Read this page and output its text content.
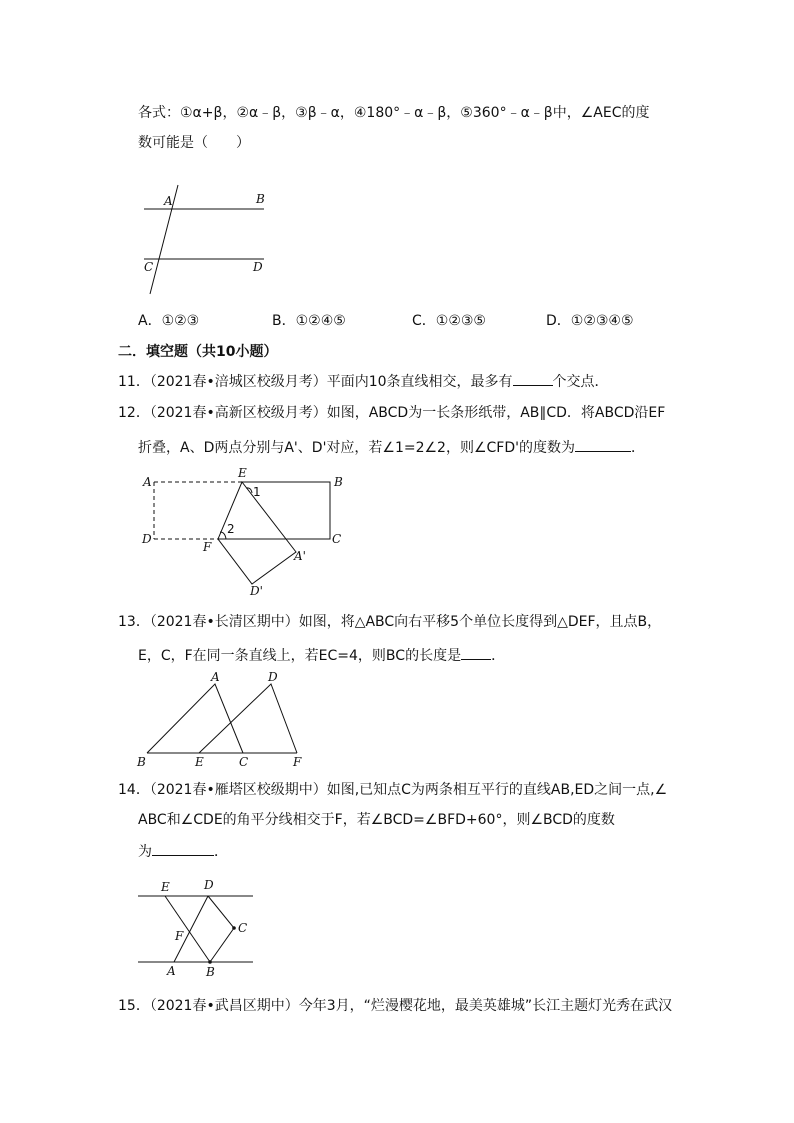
各式：①α+β，②α﹣β，③β﹣α，④180°﹣α﹣β，⑤360°﹣α﹣β中，∠AEC的度
数可能是（　　）
A	B
C	D
A．①②③	B．①②④⑤	C．①②③⑤	D．①②③④⑤
二．填空题（共10小题）
11．（2021春•涪城区校级月考）平面内10条直线相交，最多有	个交点．
12．（2021春•高新区校级月考）如图，ABCD为一长条形纸带，AB∥CD．将ABCD沿EF
折叠，A、D两点分别与A'、D'对应，若∠1=2∠2，则∠CFD'的度数为	．
A
E
1
B
D
2
F
C
A'
D'
13．（2021春•长清区期中）如图，将△ABC向右平移5个单位长度得到△DEF，且点B，
E，C，F在同一条直线上，若EC=4，则BC的长度是 ．
A	D
B	E	C	F
14．（2021春•雁塔区校级期中）如图,已知点C为两条相互平行的直线AB,ED之间一点,∠
ABC和∠CDE的角平分线相交于F，若∠BCD=∠BFD+60°，则∠BCD的度数
为	．
E	D
C
F
A	B
15．（2021春•武昌区期中）今年3月，“烂漫樱花地，最美英雄城”长江主题灯光秀在武汉
